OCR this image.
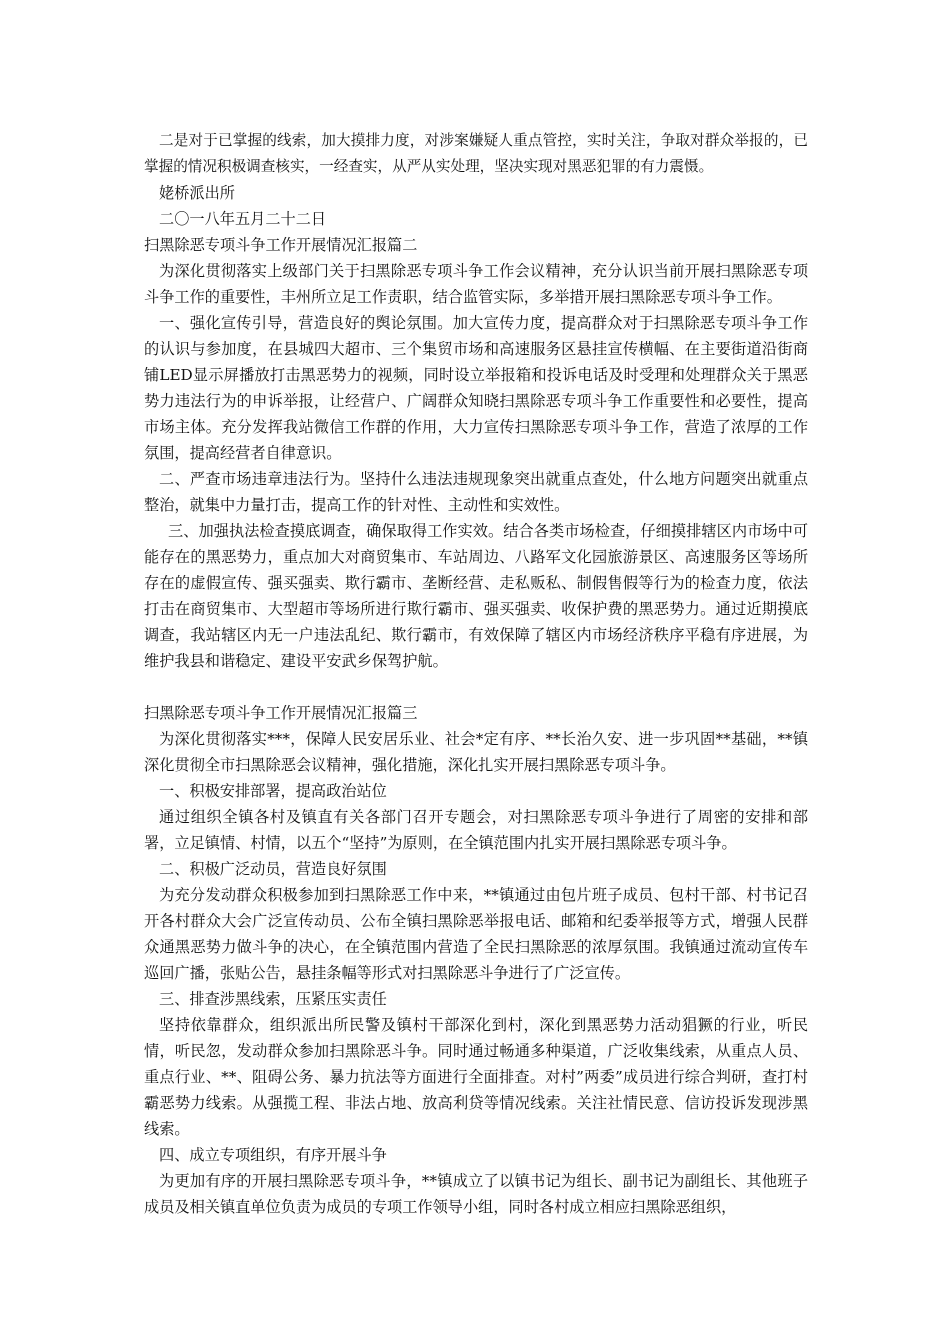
二是对于已掌握的线索，加大摸排力度，对涉案嫌疑人重点管控，实时关注，争取对群众举报的，已掌握的情况积极调查核实，一经查实，从严从实处理，坚决实现对黑恶犯罪的有力震慑。

姥桥派出所

二〇一八年五月二十二日

扫黑除恶专项斗争工作开展情况汇报篇二

为深化贯彻落实上级部门关于扫黑除恶专项斗争工作会议精神，充分认识当前开展扫黑除恶专项斗争工作的重要性，丰州所立足工作责职，结合监管实际，多举措开展扫黑除恶专项斗争工作。

一、强化宣传引导，营造良好的舆论氛围。加大宣传力度，提高群众对于扫黑除恶专项斗争工作的认识与参加度，在县城四大超市、三个集贸市场和高速服务区悬挂宣传横幅、在主要街道沿街商铺LED显示屏播放打击黑恶势力的视频，同时设立举报箱和投诉电话及时受理和处理群众关于黑恶势力违法行为的申诉举报，让经营户、广阔群众知晓扫黑除恶专项斗争工作重要性和必要性，提高市场主体。充分发挥我站微信工作群的作用，大力宣传扫黑除恶专项斗争工作，营造了浓厚的工作氛围，提高经营者自律意识。

二、严查市场违章违法行为。坚持什么违法违规现象突出就重点查处，什么地方问题突出就重点整治，就集中力量打击，提高工作的针对性、主动性和实效性。

三、加强执法检查摸底调查，确保取得工作实效。结合各类市场检查，仔细摸排辖区内市场中可能存在的黑恶势力，重点加大对商贸集市、车站周边、八路军文化园旅游景区、高速服务区等场所存在的虚假宣传、强买强卖、欺行霸市、垄断经营、走私贩私、制假售假等行为的检查力度，依法打击在商贸集市、大型超市等场所进行欺行霸市、强买强卖、收保护费的黑恶势力。通过近期摸底调查，我站辖区内无一户违法乱纪、欺行霸市，有效保障了辖区内市场经济秩序平稳有序进展，为维护我县和谐稳定、建设平安武乡保驾护航。

扫黑除恶专项斗争工作开展情况汇报篇三

为深化贯彻落实***，保障人民安居乐业、社会*定有序、**长治久安、进一步巩固**基础，**镇深化贯彻全市扫黑除恶会议精神，强化措施，深化扎实开展扫黑除恶专项斗争。

一、积极安排部署，提高政治站位

通过组织全镇各村及镇直有关各部门召开专题会，对扫黑除恶专项斗争进行了周密的安排和部署，立足镇情、村情，以五个“坚持”为原则，在全镇范围内扎实开展扫黑除恶专项斗争。

二、积极广泛动员，营造良好氛围

为充分发动群众积极参加到扫黑除恶工作中来，**镇通过由包片班子成员、包村干部、村书记召开各村群众大会广泛宣传动员、公布全镇扫黑除恶举报电话、邮箱和纪委举报等方式，增强人民群众通黑恶势力做斗争的决心，在全镇范围内营造了全民扫黑除恶的浓厚氛围。我镇通过流动宣传车巡回广播，张贴公告，悬挂条幅等形式对扫黑除恶斗争进行了广泛宣传。

三、排查涉黑线索，压紧压实责任

坚持依靠群众，组织派出所民警及镇村干部深化到村，深化到黑恶势力活动猖獗的行业，听民情，听民忽，发动群众参加扫黑除恶斗争。同时通过畅通多种渠道，广泛收集线索，从重点人员、重点行业、**、阻碍公务、暴力抗法等方面进行全面排查。对村”两委”成员进行综合判研，查打村霸恶势力线索。从强揽工程、非法占地、放高利贷等情况线索。关注社情民意、信访投诉发现涉黑线索。

四、成立专项组织，有序开展斗争

为更加有序的开展扫黑除恶专项斗争，**镇成立了以镇书记为组长、副书记为副组长、其他班子成员及相关镇直单位负责为成员的专项工作领导小组，同时各村成立相应扫黑除恶组织，
